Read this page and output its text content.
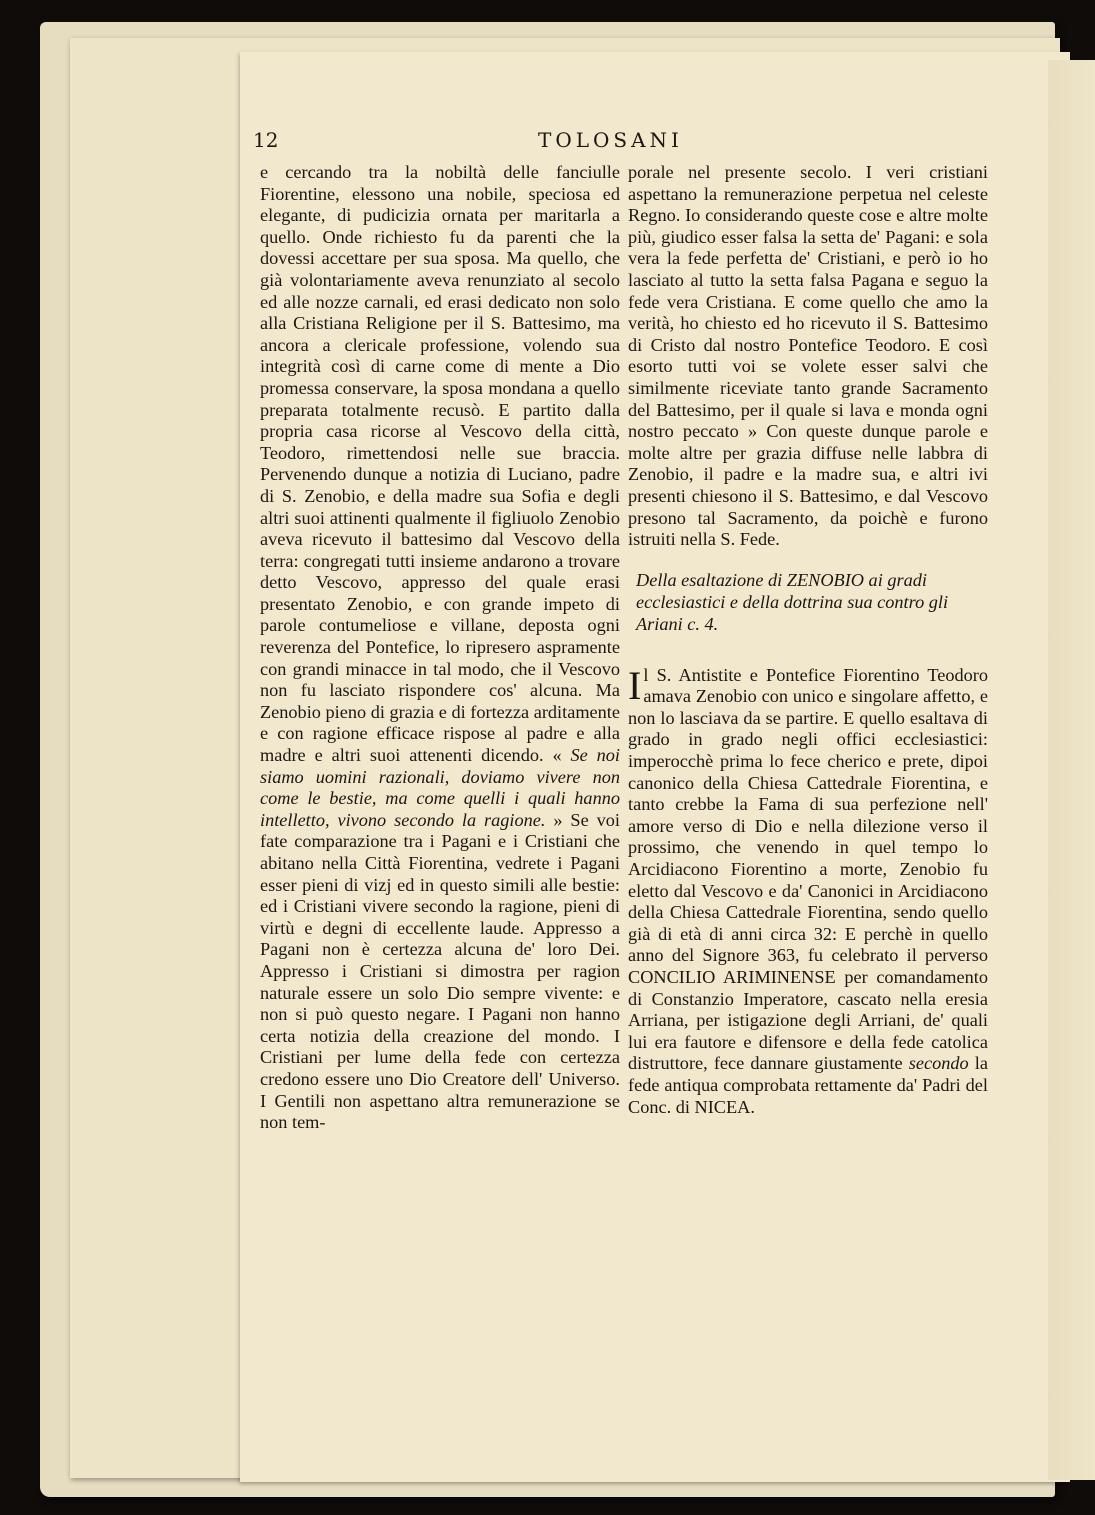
12	TOLOSANI

e cercando tra la nobiltà delle fanciulle Fiorentine, elessono una nobile, speciosa ed elegante, di pudicizia ornata per maritarla a quello. Onde richiesto fu da parenti che la dovessi accettare per sua sposa. Ma quello, che già volontariamente aveva renunziato al secolo ed alle nozze carnali, ed erasi dedicato non solo alla Cristiana Religione per il S. Battesimo, ma ancora a clericale professione, volendo sua integrità così di carne come di mente a Dio promessa conservare, la sposa mondana a quello preparata totalmente recusò. E partito dalla propria casa ricorse al Vescovo della città, Teodoro, rimettendosi nelle sue braccia. Pervenendo dunque a notizia di Luciano, padre di S. Zenobio, e della madre sua Sofia e degli altri suoi attinenti qualmente il figliuolo Zenobio aveva ricevuto il battesimo dal Vescovo della terra: congregati tutti insieme andarono a trovare detto Vescovo, appresso del quale erasi presentato Zenobio, e con grande impeto di parole contumeliose e villane, deposta ogni reverenza del Pontefice, lo ripresero aspramente con grandi minacce in tal modo, che il Vescovo non fu lasciato rispondere cos' alcuna. Ma Zenobio pieno di grazia e di fortezza arditamente e con ragione efficace rispose al padre e alla madre e altri suoi attenenti dicendo. « Se noi siamo uomini razionali, doviamo vivere non come le bestie, ma come quelli i quali hanno intelletto, vivono secondo la ragione. » Se voi fate comparazione tra i Pagani e i Cristiani che abitano nella Città Fiorentina, vedrete i Pagani esser pieni di vizj ed in questo simili alle bestie: ed i Cristiani vivere secondo la ragione, pieni di virtù e degni di eccellente laude. Appresso a Pagani non è certezza alcuna de' loro Dei. Appresso i Cristiani si dimostra per ragion naturale essere un solo Dio sempre vivente: e non si può questo negare. I Pagani non hanno certa notizia della creazione del mondo. I Cristiani per lume della fede con certezza credono essere uno Dio Creatore dell' Universo. I Gentili non aspettano altra remunerazione se non tem-

porale nel presente secolo. I veri cristiani aspettano la remunerazione perpetua nel celeste Regno. Io considerando queste cose e altre molte più, giudico esser falsa la setta de' Pagani: e sola vera la fede perfetta de' Cristiani, e però io ho lasciato al tutto la setta falsa Pagana e seguo la fede vera Cristiana. E come quello che amo la verità, ho chiesto ed ho ricevuto il S. Battesimo di Cristo dal nostro Pontefice Teodoro. E così esorto tutti voi se volete esser salvi che similmente riceviate tanto grande Sacramento del Battesimo, per il quale si lava e monda ogni nostro peccato » Con queste dunque parole e molte altre per grazia diffuse nelle labbra di Zenobio, il padre e la madre sua, e altri ivi presenti chiesono il S. Battesimo, e dal Vescovo presono tal Sacramento, da poichè e furono istruiti nella S. Fede.

Della esaltazione di ZENOBIO ai gradi ecclesiastici e della dottrina sua contro gli Ariani c. 4.

I l S. Antistite e Pontefice Fiorentino Teodoro amava Zenobio con unico e singolare affetto, e non lo lasciava da se partire. E quello esaltava di grado in grado negli offici ecclesiastici: imperocchè prima lo fece cherico e prete, dipoi canonico della Chiesa Cattedrale Fiorentina, e tanto crebbe la Fama di sua perfezione nell' amore verso di Dio e nella dilezione verso il prossimo, che venendo in quel tempo lo Arcidiacono Fiorentino a morte, Zenobio fu eletto dal Vescovo e da' Canonici in Arcidiacono della Chiesa Cattedrale Fiorentina, sendo quello già di età di anni circa 32: E perchè in quello anno del Signore 363, fu celebrato il perverso CONCILIO ARIMINENSE per comandamento di Constanzio Imperatore, cascato nella eresia Arriana, per istigazione degli Arriani, de' quali lui era fautore e difensore e della fede catolica distruttore, fece dannare giustamente secondo la fede antiqua comprobata rettamente da' Padri del Conc. di NICEA.
